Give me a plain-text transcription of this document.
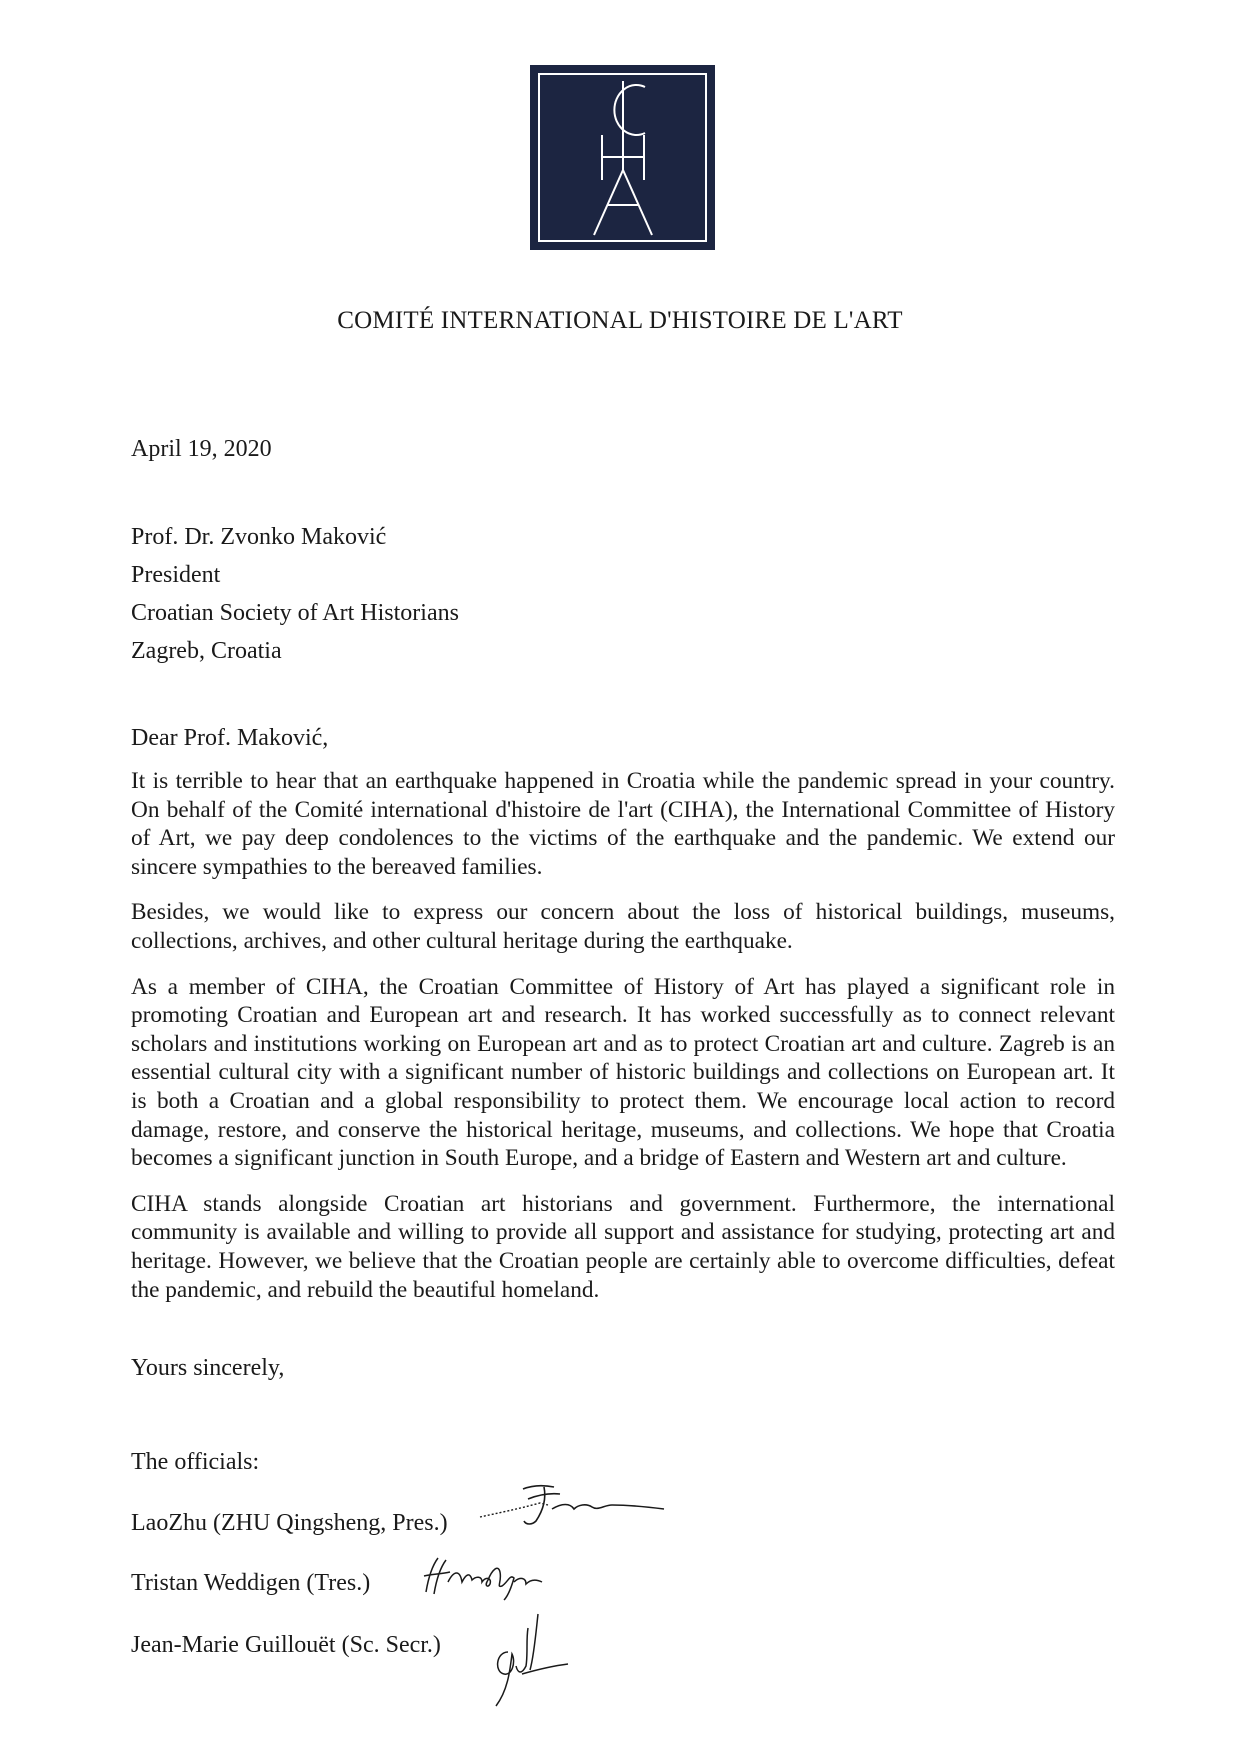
COMITÉ INTERNATIONAL D'HISTOIRE DE L'ART
April 19, 2020
Prof. Dr. Zvonko Maković
President
Croatian Society of Art Historians
Zagreb, Croatia
Dear Prof. Maković,

It is terrible to hear that an earthquake happened in Croatia while the pandemic spread in your country. On behalf of the Comité international d'histoire de l'art (CIHA), the International Committee of History of Art, we pay deep condolences to the victims of the earthquake and the pandemic. We extend our sincere sympathies to the bereaved families.

Besides, we would like to express our concern about the loss of historical buildings, museums, collections, archives, and other cultural heritage during the earthquake.

As a member of CIHA, the Croatian Committee of History of Art has played a significant role in promoting Croatian and European art and research. It has worked successfully as to connect relevant scholars and institutions working on European art and as to protect Croatian art and culture. Zagreb is an essential cultural city with a significant number of historic buildings and collections on European art. It is both a Croatian and a global responsibility to protect them. We encourage local action to record damage, restore, and conserve the historical heritage, museums, and collections. We hope that Croatia becomes a significant junction in South Europe, and a bridge of Eastern and Western art and culture.

CIHA stands alongside Croatian art historians and government. Furthermore, the international community is available and willing to provide all support and assistance for studying, protecting art and heritage. However, we believe that the Croatian people are certainly able to overcome difficulties, defeat the pandemic, and rebuild the beautiful homeland.

Yours sincerely,
The officials:
LaoZhu (ZHU Qingsheng, Pres.)
Tristan Weddigen (Tres.)
Jean-Marie Guillouët (Sc. Secr.)
